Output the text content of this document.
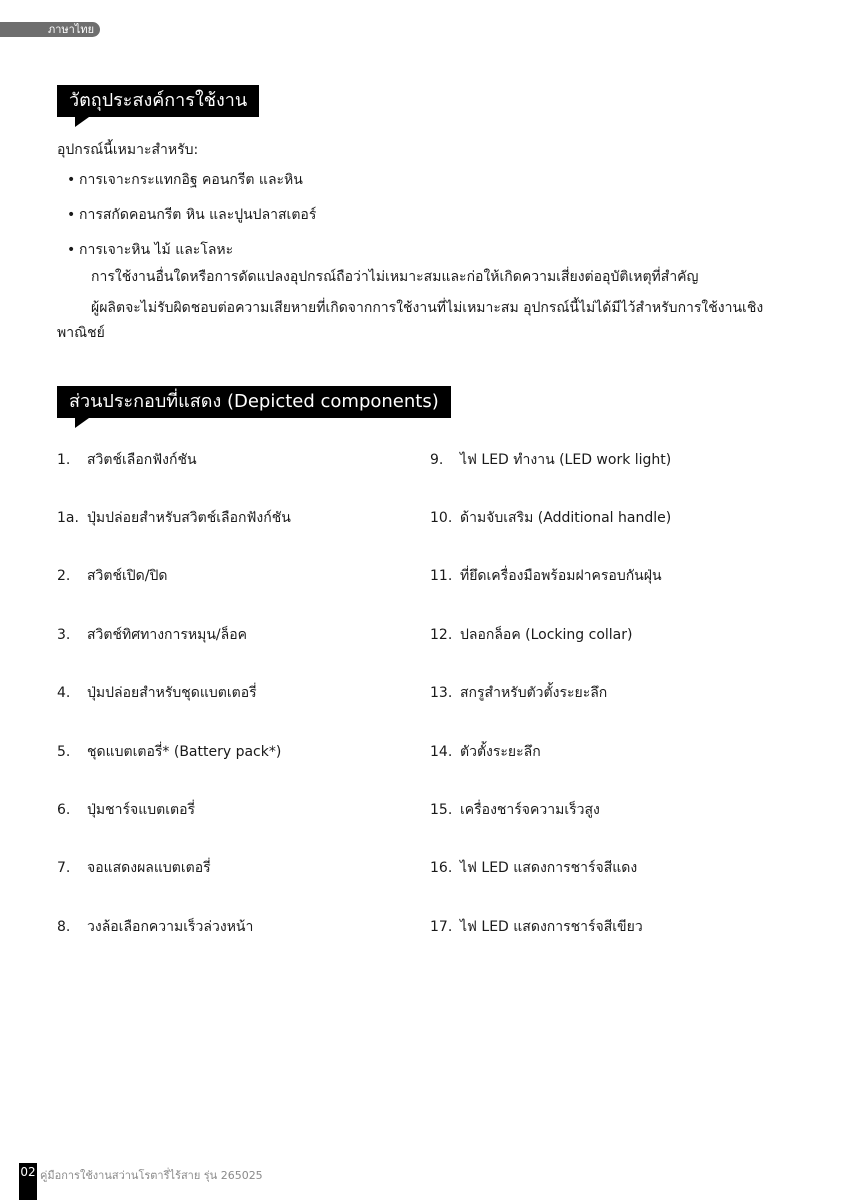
ภาษาไทย
วัตถุประสงค์การใช้งาน
อุปกรณ์นี้เหมาะสำหรับ:
• การเจาะกระแทกอิฐ คอนกรีต และหิน
• การสกัดคอนกรีต หิน และปูนปลาสเตอร์
• การเจาะหิน ไม้ และโลหะ
การใช้งานอื่นใดหรือการดัดแปลงอุปกรณ์ถือว่าไม่เหมาะสมและก่อให้เกิดความเสี่ยงต่ออุบัติเหตุที่สำคัญ
ผู้ผลิตจะไม่รับผิดชอบต่อความเสียหายที่เกิดจากการใช้งานที่ไม่เหมาะสม อุปกรณ์นี้ไม่ได้มีไว้สำหรับการใช้งานเชิงพาณิชย์
ส่วนประกอบที่แสดง (Depicted components)
1. สวิตช์เลือกฟังก์ชัน
1a. ปุ่มปล่อยสำหรับสวิตช์เลือกฟังก์ชัน
2. สวิตช์เปิด/ปิด
3. สวิตช์ทิศทางการหมุน/ล็อค
4. ปุ่มปล่อยสำหรับชุดแบตเตอรี่
5. ชุดแบตเตอรี่* (Battery pack*)
6. ปุ่มชาร์จแบตเตอรี่
7. จอแสดงผลแบตเตอรี่
8. วงล้อเลือกความเร็วล่วงหน้า
9. ไฟ LED ทำงาน (LED work light)
10. ด้ามจับเสริม (Additional handle)
11. ที่ยึดเครื่องมือพร้อมฝาครอบกันฝุ่น
12. ปลอกล็อค (Locking collar)
13. สกรูสำหรับตัวตั้งระยะลึก
14. ตัวตั้งระยะลึก
15. เครื่องชาร์จความเร็วสูง
16. ไฟ LED แสดงการชาร์จสีแดง
17. ไฟ LED แสดงการชาร์จสีเขียว
02 คู่มือการใช้งานสว่านโรตารี่ไร้สาย รุ่น 265025
